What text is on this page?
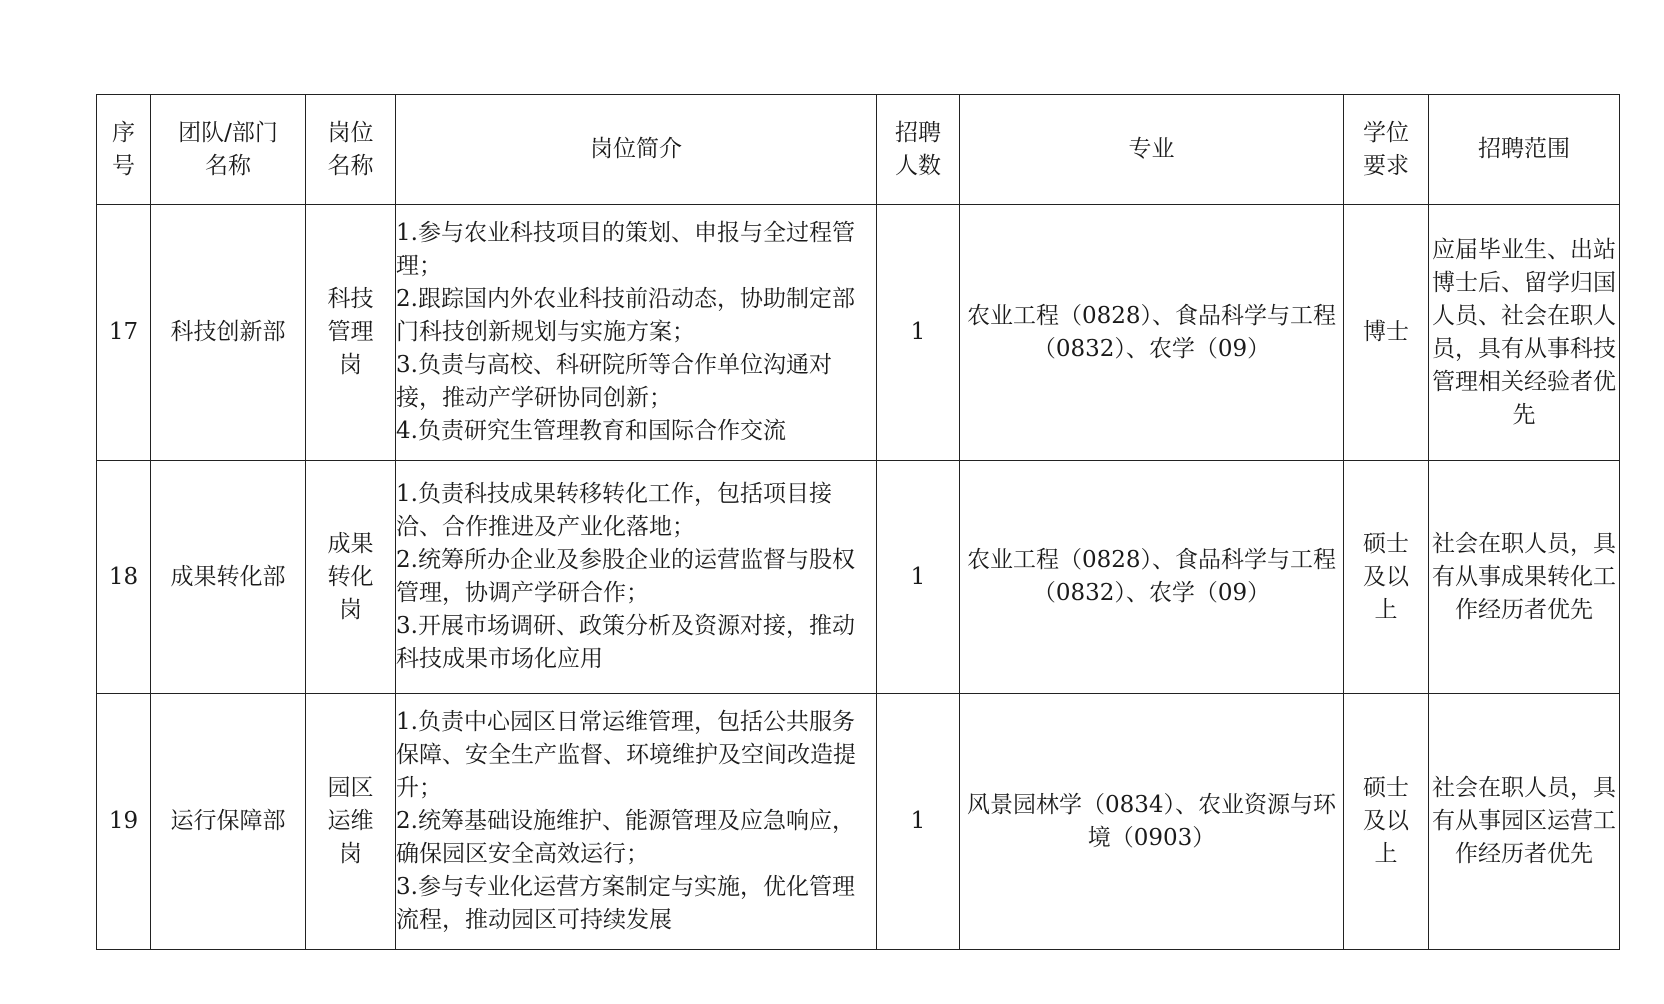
序号	团队/部门名称	岗位名称	岗位简介	招聘人数	专业	学位要求	招聘范围
17	科技创新部	科技管理岗	1.参与农业科技项目的策划、申报与全过程管理；
2.跟踪国内外农业科技前沿动态，协助制定部门科技创新规划与实施方案；
3.负责与高校、科研院所等合作单位沟通对接，推动产学研协同创新；
4.负责研究生管理教育和国际合作交流	1	农业工程（0828）、食品科学与工程（0832）、农学（09）	博士	应届毕业生、出站博士后、留学归国人员、社会在职人员，具有从事科技管理相关经验者优先
18	成果转化部	成果转化岗	1.负责科技成果转移转化工作，包括项目接洽、合作推进及产业化落地；
2.统筹所办企业及参股企业的运营监督与股权管理，协调产学研合作；
3.开展市场调研、政策分析及资源对接，推动科技成果市场化应用	1	农业工程（0828）、食品科学与工程（0832）、农学（09）	硕士及以上	社会在职人员，具有从事成果转化工作经历者优先
19	运行保障部	园区运维岗	1.负责中心园区日常运维管理，包括公共服务保障、安全生产监督、环境维护及空间改造提升；
2.统筹基础设施维护、能源管理及应急响应，确保园区安全高效运行；
3.参与专业化运营方案制定与实施，优化管理流程，推动园区可持续发展	1	风景园林学（0834）、农业资源与环境（0903）	硕士及以上	社会在职人员，具有从事园区运营工作经历者优先
